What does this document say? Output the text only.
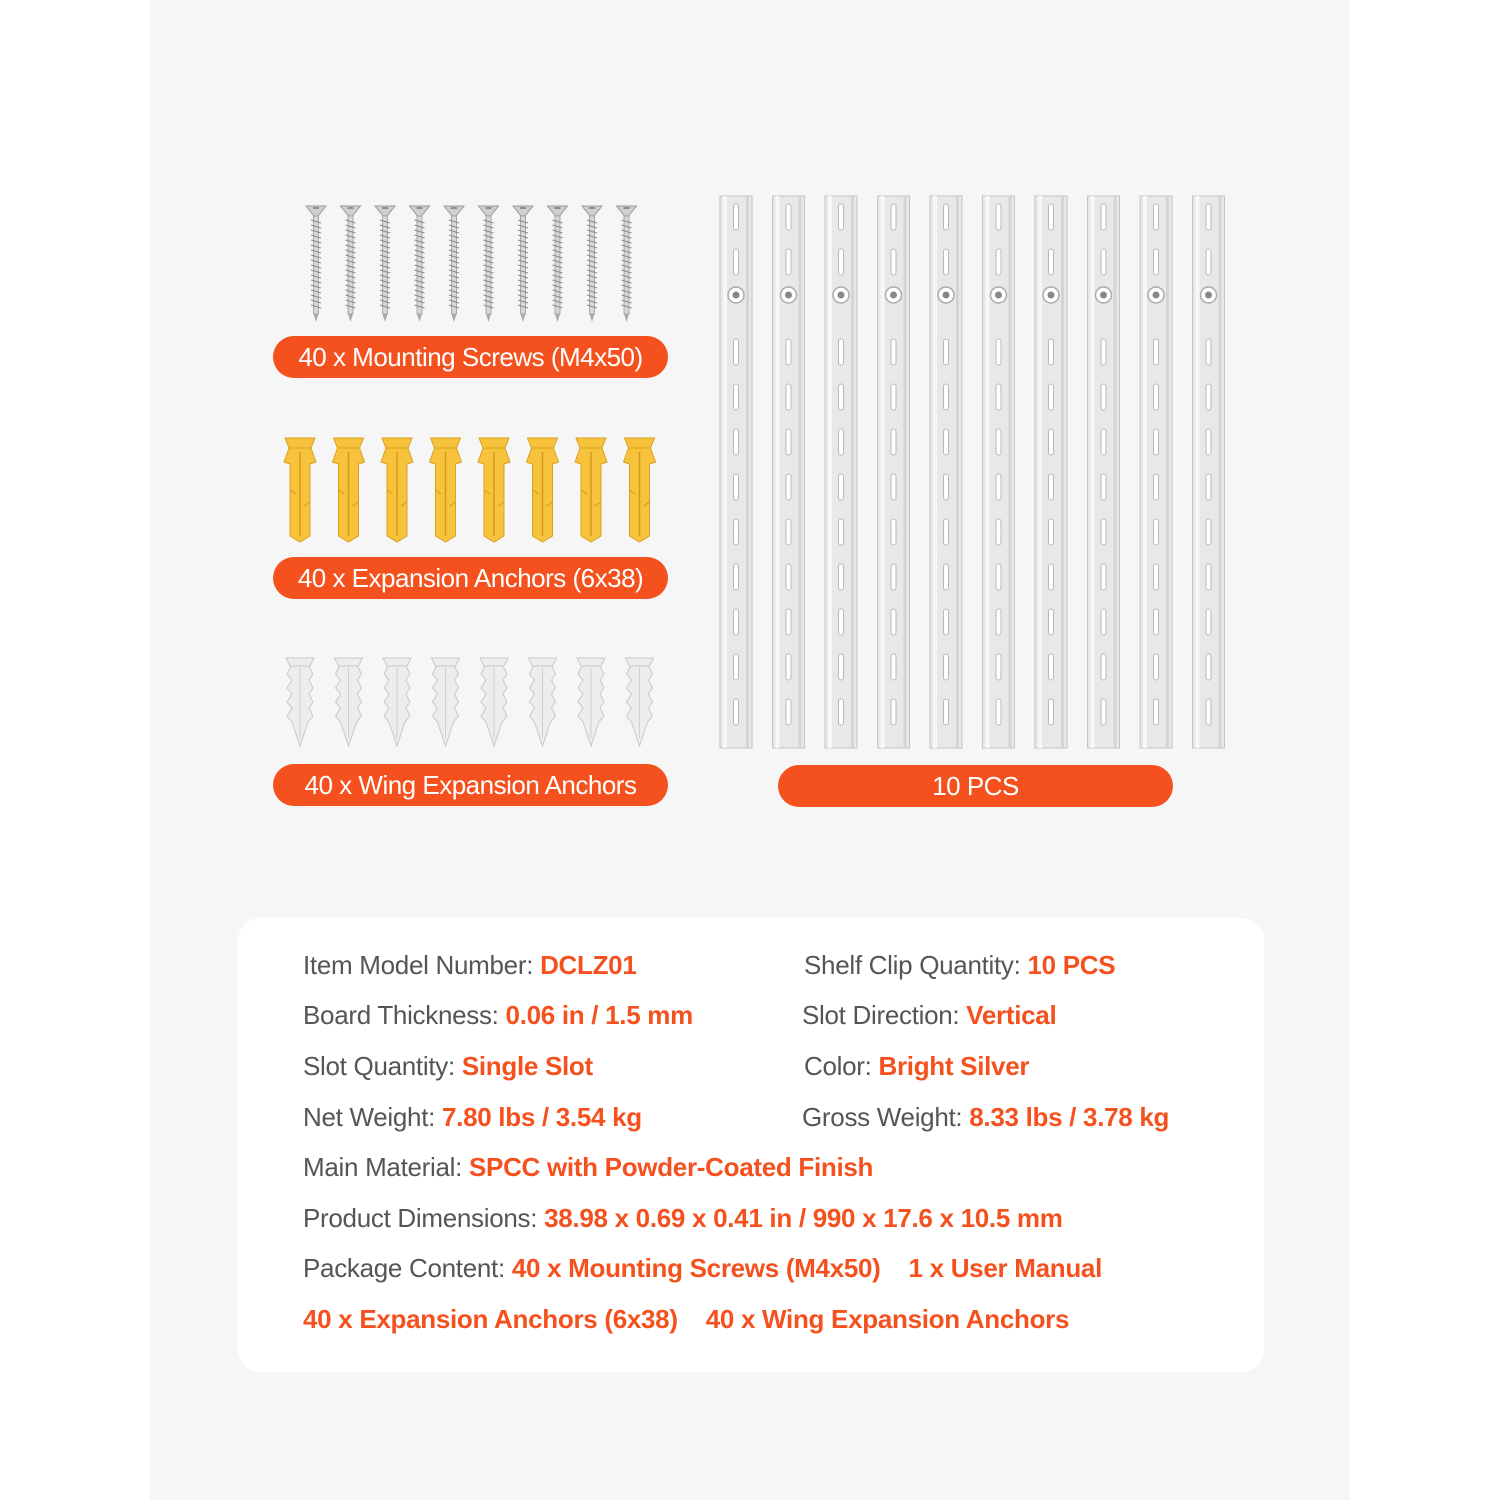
40 x Mounting Screws (M4x50)
40 x Expansion Anchors (6x38)
40 x Wing Expansion Anchors	10 PCS
Item Model Number: DCLZ01	Shelf Clip Quantity: 10 PCS
Board Thickness: 0.06 in / 1.5 mm	Slot Direction: Vertical
Slot Quantity: Single Slot	Color: Bright Silver
Net Weight: 7.80 lbs / 3.54 kg	Gross Weight: 8.33 lbs / 3.78 kg
Main Material: SPCC with Powder-Coated Finish
Product Dimensions: 38.98 x 0.69 x 0.41 in / 990 x 17.6 x 10.5 mm
Package Content: 40 x Mounting Screws (M4x50) 1 x User Manual
40 x Expansion Anchors (6x38) 40 x Wing Expansion Anchors
